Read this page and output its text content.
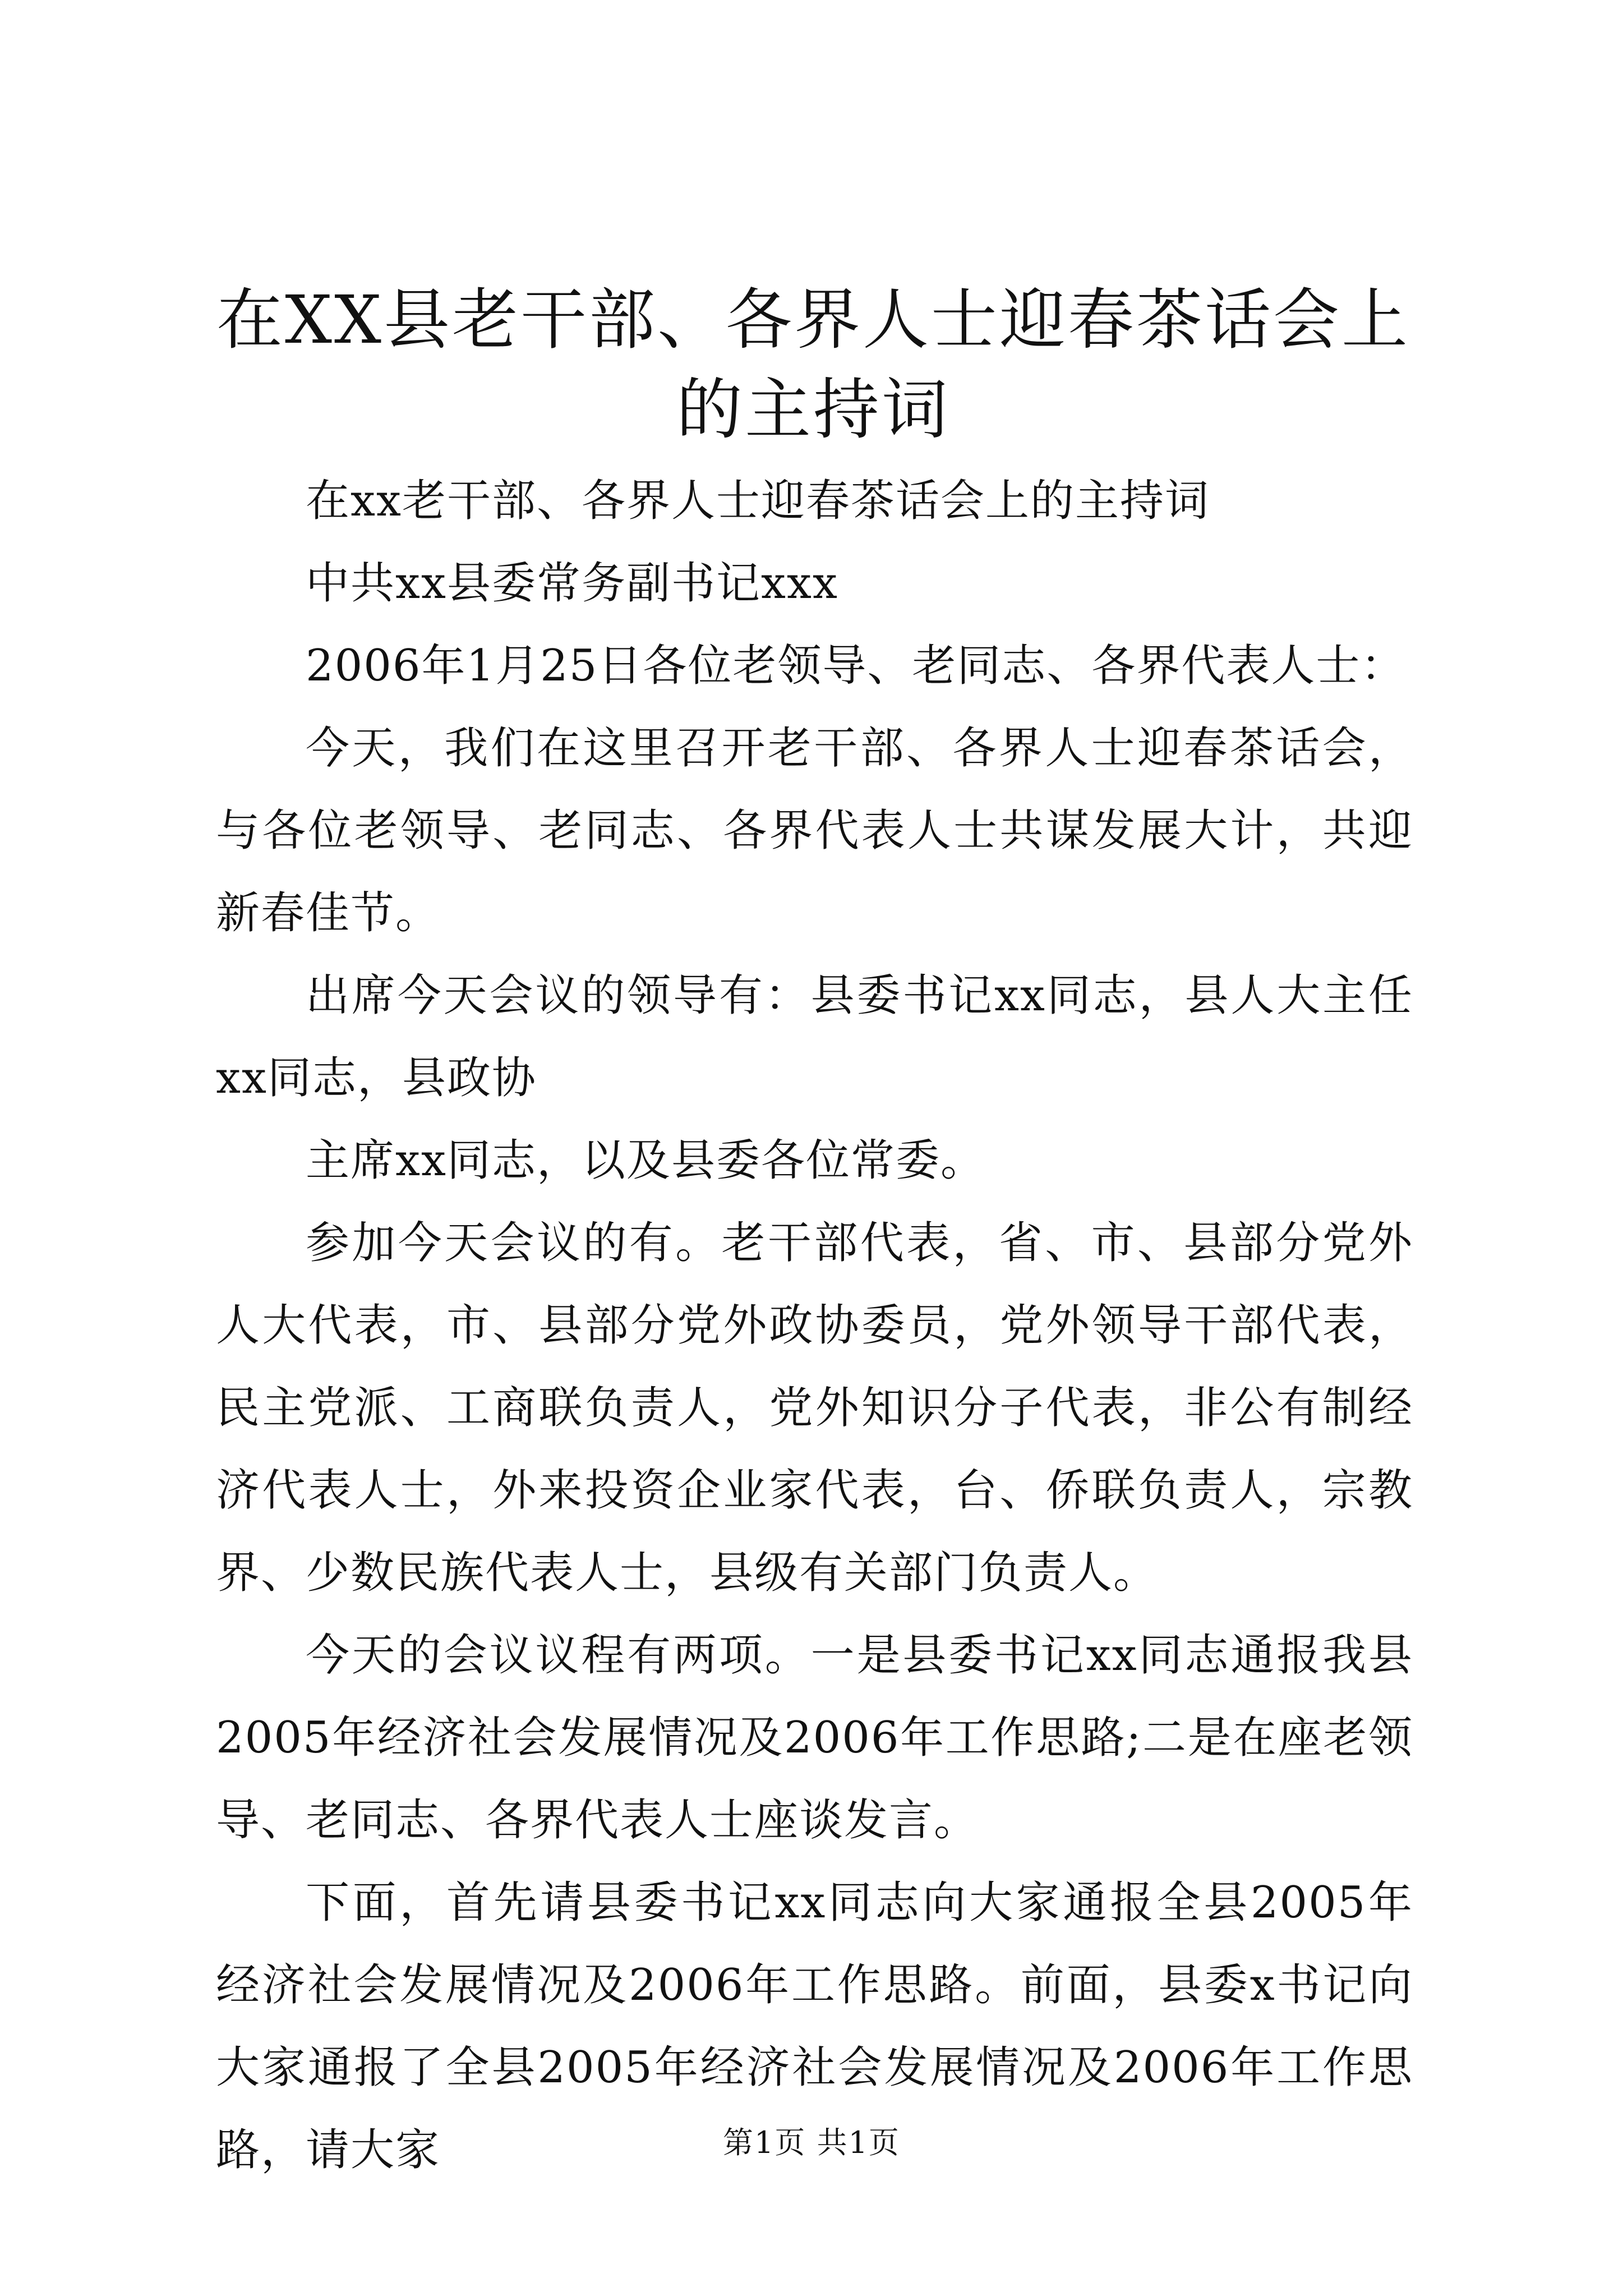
在XX县老干部、各界人士迎春茶话会上的主持词

在xx老干部、各界人士迎春茶话会上的主持词

中共xx县委常务副书记xxx

2006年1月25日各位老领导、老同志、各界代表人士：

今天，我们在这里召开老干部、各界人士迎春茶话会，与各位老领导、老同志、各界代表人士共谋发展大计，共迎新春佳节。

出席今天会议的领导有：县委书记xx同志，县人大主任xx同志，县政协

主席xx同志，以及县委各位常委。

参加今天会议的有。老干部代表，省、市、县部分党外人大代表，市、县部分党外政协委员，党外领导干部代表，民主党派、工商联负责人，党外知识分子代表，非公有制经济代表人士，外来投资企业家代表，台、侨联负责人，宗教界、少数民族代表人士，县级有关部门负责人。

今天的会议议程有两项。一是县委书记xx同志通报我县2005年经济社会发展情况及2006年工作思路;二是在座老领导、老同志、各界代表人士座谈发言。

下面，首先请县委书记xx同志向大家通报全县2005年经济社会发展情况及2006年工作思路。前面，县委x书记向大家通报了全县2005年经济社会发展情况及2006年工作思路，请大家	第1页 共1页
